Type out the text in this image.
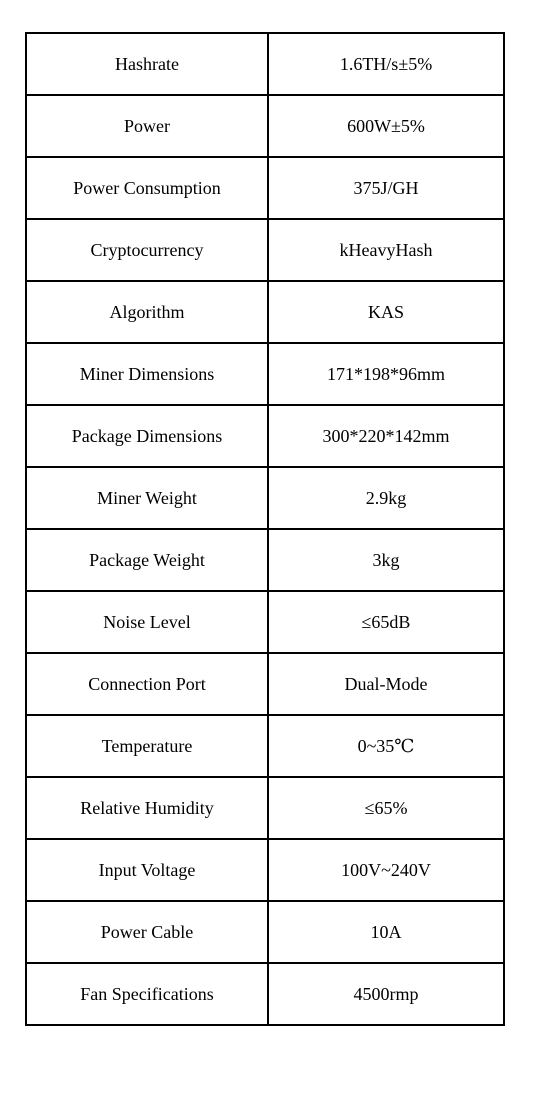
Hashrate	1.6TH/s±5%
Power	600W±5%
Power Consumption	375J/GH
Cryptocurrency	kHeavyHash
Algorithm	KAS
Miner Dimensions	171*198*96mm
Package Dimensions	300*220*142mm
Miner Weight	2.9kg
Package Weight	3kg
Noise Level	≤65dB
Connection Port	Dual-Mode
Temperature	0~35℃
Relative Humidity	≤65%
Input Voltage	100V~240V
Power Cable	10A
Fan Specifications	4500rmp
